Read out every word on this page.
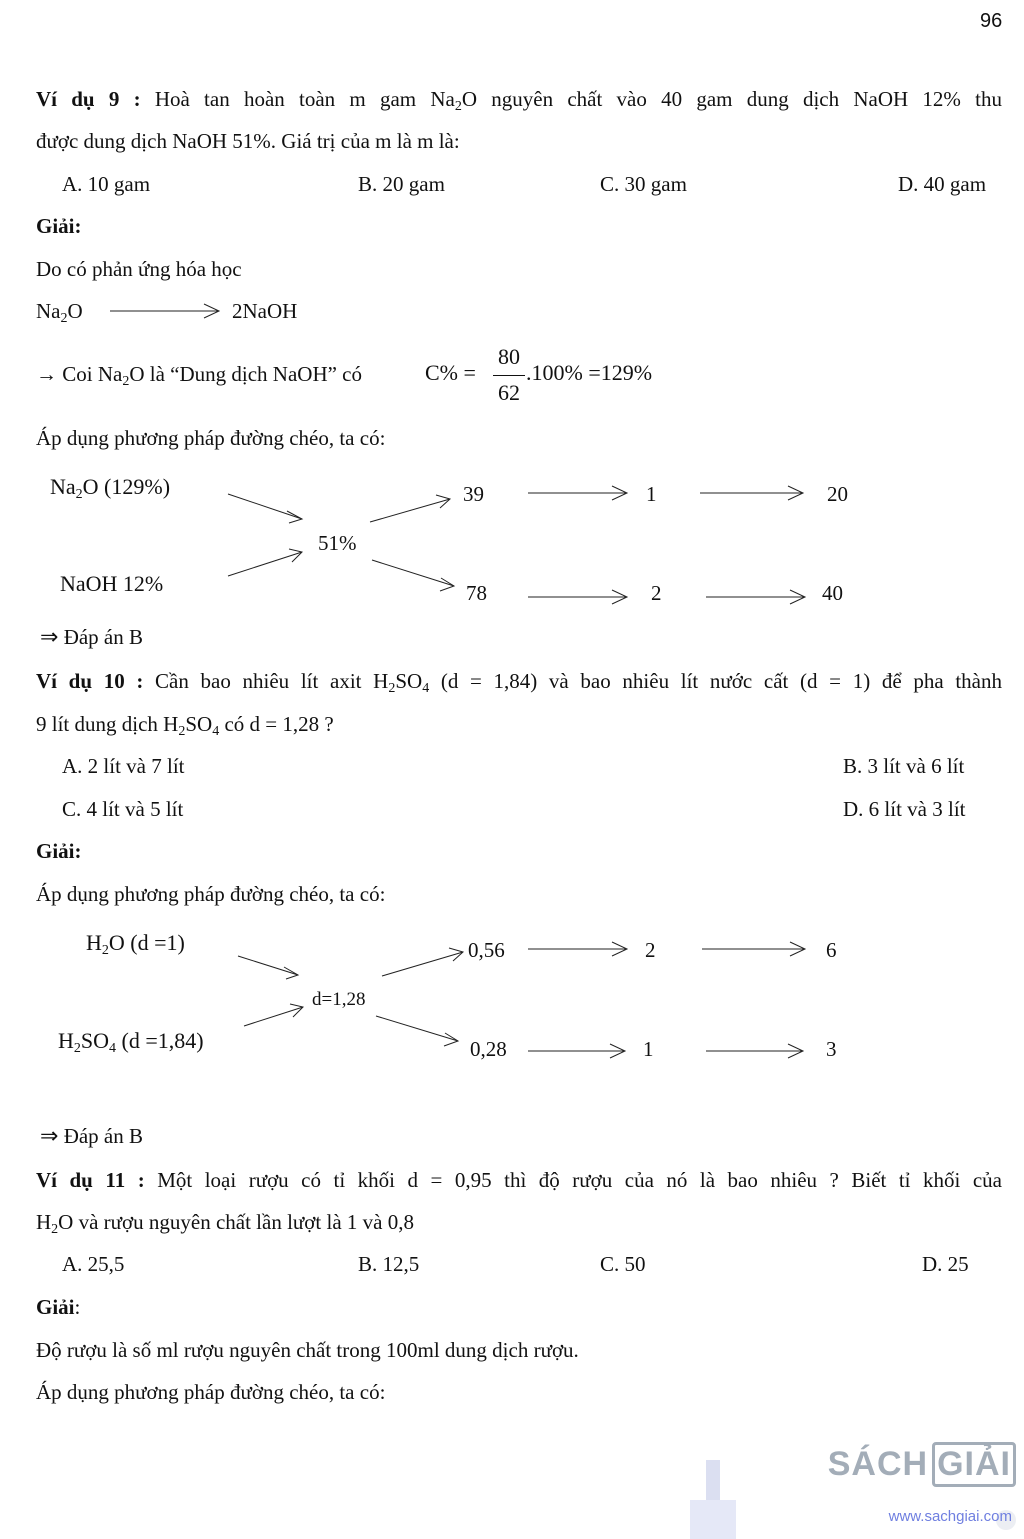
96
Ví dụ 9 : Hoà tan hoàn toàn m gam $Na_2O$ nguyên chất vào 40 gam dung dịch NaOH 12% thu
được dung dịch NaOH 51%. Giá trị của m là m là:
A. 10 gam	B. 20 gam	C. 30 gam	D. 40 gam
Giải:
Do có phản ứng hóa học
$Na_2O$	2NaOH
→ Coi $Na_2O$ là “Dung dịch NaOH” có	C% =
80
62
.100% =129%
Áp dụng phương pháp đường chéo, ta có:
$Na_2O$ (129%)
NaOH 12%
51%
39	1	20
78	2	40
⇒ Đáp án B
Ví dụ 10 : Cần bao nhiêu lít axit $H_2SO_4$ (d = 1,84) và bao nhiêu lít nước cất (d = 1) để pha thành
9 lít dung dịch $H_2SO_4$ có d = 1,28 ?
A. 2 lít và 7 lít	B. 3 lít và 6 lít
C. 4 lít và 5 lít	D. 6 lít và 3 lít
Giải:
Áp dụng phương pháp đường chéo, ta có:
$H_2O$ (d =1)
$H_2SO_4$ (d =1,84)
d=1,28
0,56	2	6
0,28	1	3
⇒ Đáp án B
Ví dụ 11 : Một loại rượu có tỉ khối d = 0,95 thì độ rượu của nó là bao nhiêu ? Biết tỉ khối của
$H_2O$ và rượu nguyên chất lần lượt là 1 và 0,8
A. 25,5	B. 12,5	C. 50	D. 25
Giải:
Độ rượu là số ml rượu nguyên chất trong 100ml dung dịch rượu.
Áp dụng phương pháp đường chéo, ta có:
SÁCH GIẢI
www.sachgiai.com
